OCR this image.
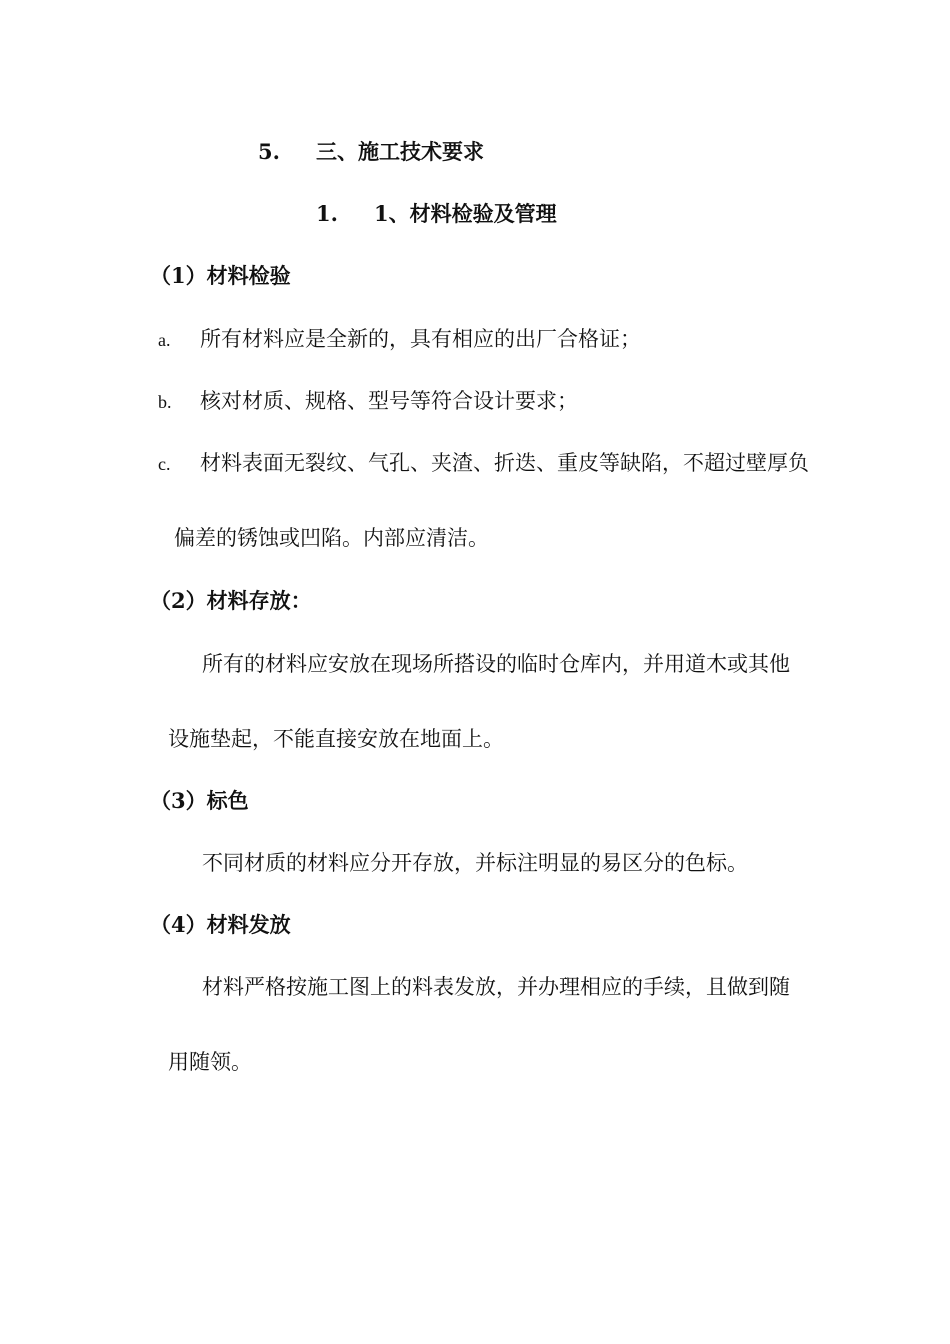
5. 三、施工技术要求
1. 1、材料检验及管理
（1）材料检验
a. 所有材料应是全新的，具有相应的出厂合格证；
b. 核对材质、规格、型号等符合设计要求；
c. 材料表面无裂纹、气孔、夹渣、折迭、重皮等缺陷，不超过壁厚负
偏差的锈蚀或凹陷。内部应清洁。
（2）材料存放：
所有的材料应安放在现场所搭设的临时仓库内，并用道木或其他
设施垫起，不能直接安放在地面上。
（3）标色
不同材质的材料应分开存放，并标注明显的易区分的色标。
（4）材料发放
材料严格按施工图上的料表发放，并办理相应的手续，且做到随
用随领。
